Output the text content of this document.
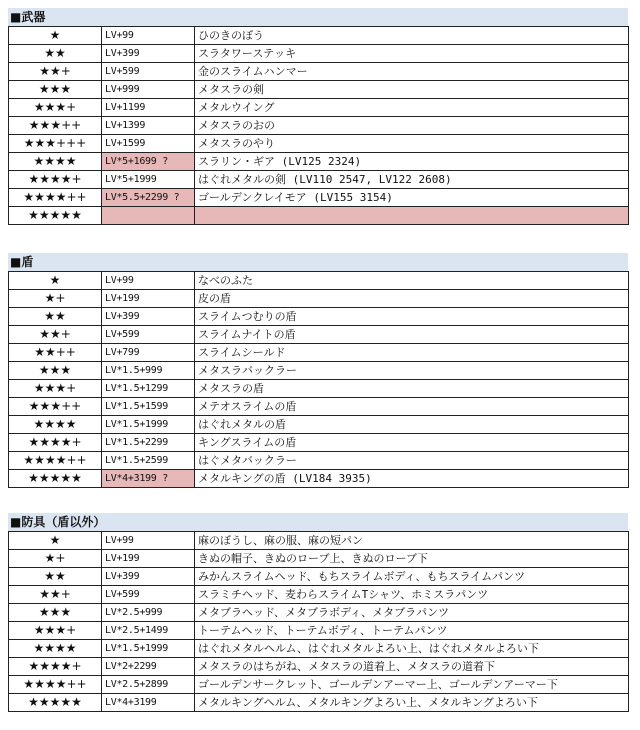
■武器
★	LV+99	ひのきのぼう
★★	LV+399	スラタワーステッキ
★★+	LV+599	金のスライムハンマー
★★★	LV+999	メタスラの剣
★★★+	LV+1199	メタルウイング
★★★++	LV+1399	メタスラのおの
★★★+++	LV+1599	メタスラのやり
★★★★	LV*5+1699 ?	スラリン・ギア (LV125 2324)
★★★★+	LV*5+1999	はぐれメタルの剣 (LV110 2547, LV122 2608)
★★★★++	LV*5.5+2299 ?	ゴールデンクレイモア (LV155 3154)
★★★★★		
■盾
★	LV+99	なべのふた
★+	LV+199	皮の盾
★★	LV+399	スライムつむりの盾
★★+	LV+599	スライムナイトの盾
★★++	LV+799	スライムシールド
★★★	LV*1.5+999	メタスラバックラー
★★★+	LV*1.5+1299	メタスラの盾
★★★++	LV*1.5+1599	メテオスライムの盾
★★★★	LV*1.5+1999	はぐれメタルの盾
★★★★+	LV*1.5+2299	キングスライムの盾
★★★★++	LV*1.5+2599	はぐメタバックラー
★★★★★	LV*4+3199 ?	メタルキングの盾 (LV184 3935)
■防具（盾以外）
★	LV+99	麻のぼうし、麻の服、麻の短パン
★+	LV+199	きぬの帽子、きぬのローブ上、きぬのローブ下
★★	LV+399	みかんスライムヘッド、もちスライムボディ、もちスライムパンツ
★★+	LV+599	スラミチヘッド、麦わらスライムTシャツ、ホミスラパンツ
★★★	LV*2.5+999	メタブラヘッド、メタブラボディ、メタブラパンツ
★★★+	LV*2.5+1499	トーテムヘッド、トーテムボディ、トーテムパンツ
★★★★	LV*1.5+1999	はぐれメタルヘルム、はぐれメタルよろい上、はぐれメタルよろい下
★★★★+	LV*2+2299	メタスラのはちがね、メタスラの道着上、メタスラの道着下
★★★★++	LV*2.5+2899	ゴールデンサークレット、ゴールデンアーマー上、ゴールデンアーマー下
★★★★★	LV*4+3199	メタルキングヘルム、メタルキングよろい上、メタルキングよろい下
